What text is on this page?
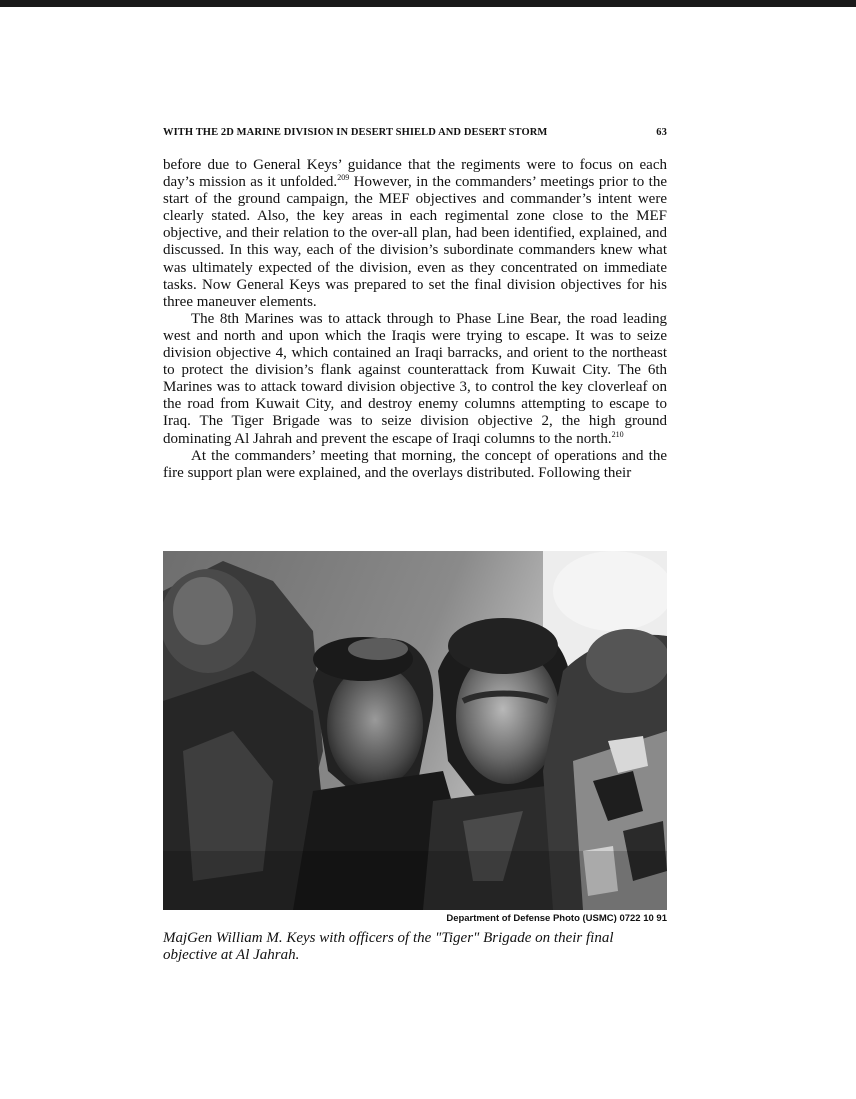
WITH THE 2D MARINE DIVISION IN DESERT SHIELD AND DESERT STORM	63

before due to General Keys’ guidance that the regiments were to focus on each day’s mission as it unfolded.$^{209}$ However, in the commanders’ meetings prior to the start of the ground campaign, the MEF objectives and commander’s intent were clearly stated. Also, the key areas in each regimental zone close to the MEF objective, and their relation to the over-all plan, had been identified, explained, and discussed. In this way, each of the division’s subordinate commanders knew what was ultimately expected of the division, even as they concentrated on immediate tasks. Now General Keys was prepared to set the final division objectives for his three maneuver elements.

The 8th Marines was to attack through to Phase Line Bear, the road leading west and north and upon which the Iraqis were trying to escape. It was to seize division objective 4, which contained an Iraqi barracks, and orient to the northeast to protect the division’s flank against counterattack from Kuwait City. The 6th Marines was to attack toward division objective 3, to control the key cloverleaf on the road from Kuwait City, and destroy enemy columns attempting to escape to Iraq. The Tiger Brigade was to seize division objective 2, the high ground dominating Al Jahrah and prevent the escape of Iraqi columns to the north.$^{210}$

At the commanders’ meeting that morning, the concept of operations and the fire support plan were explained, and the overlays distributed. Following their

Department of Defense Photo (USMC) 0722 10 91
MajGen William M. Keys with officers of the "Tiger" Brigade on their final objective at Al Jahrah.
